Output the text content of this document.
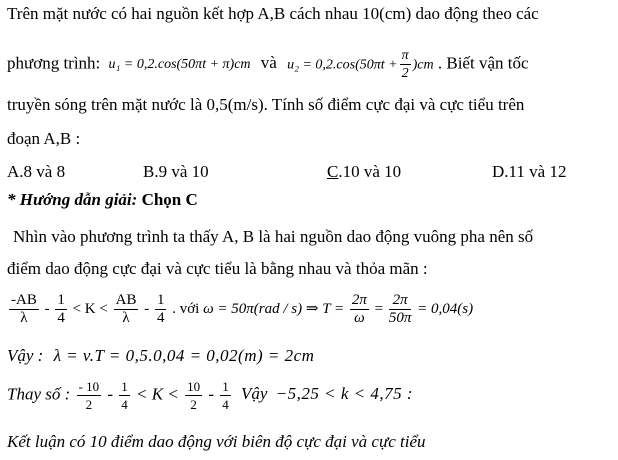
Trên mặt nước có hai nguồn kết hợp A,B cách nhau 10(cm) dao động theo các
phương trình: u₁ = 0,2.cos(50πt + π)cm và $u_2 = 0,2.\cos(50\pi t + \frac{\pi}{2} )cm$ . Biết vận tốc
truyền sóng trên mặt nước là 0,5(m/s). Tính số điểm cực đại và cực tiểu trên
đoạn A,B :
A.8 và 8	B.9 và 10	C.10 và 10	D.11 và 12
* Hướng dẫn giải: Chọn C
Nhìn vào phương trình ta thấy A, B là hai nguồn dao động vuông pha nên số
điểm dao động cực đại và cực tiểu là bằng nhau và thỏa mãn :
$\frac{-AB}{\lambda} - \frac{1}{4} < K < \frac{AB}{\lambda} - \frac{1}{4}$ . với ω = 50π(rad / s) ⇒ $T = \frac{2\pi}{\omega} = \frac{2\pi}{50\pi} = 0,04(s)$
Vậy : λ = v.T = 0,5.0,04 = 0,02(m) = 2cm
Thay số : $\frac{- 10}{2} - \frac{1}{4} < K < \frac{10}{2} - \frac{1}{4}$ Vậy −5,25 < k < 4,75 :
Kết luận có 10 điểm dao động với biên độ cực đại và cực tiểu
